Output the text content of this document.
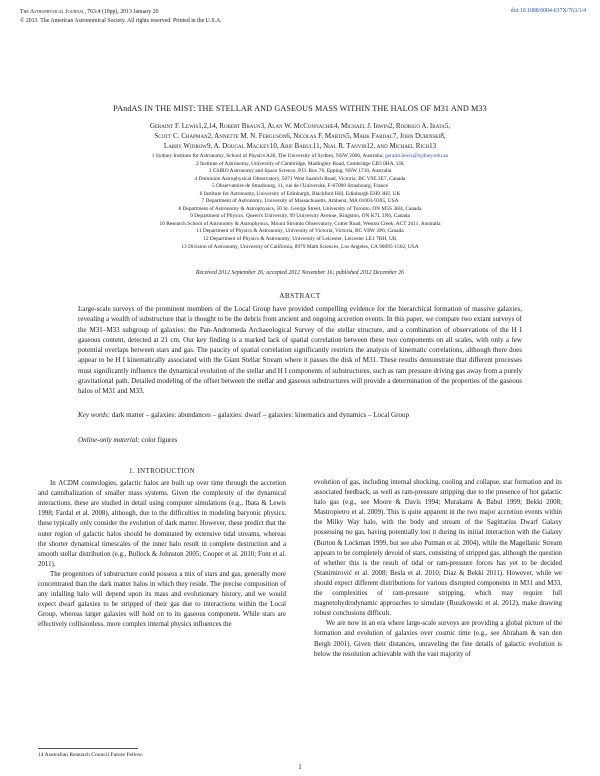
The Astrophysical Journal, 763:4 (10pp), 2013 January 20
© 2013. The American Astronomical Society. All rights reserved. Printed in the U.S.A.
doi:10.1088/0004-637X/763/1/4
PAndAS IN THE MIST: THE STELLAR AND GASEOUS MASS WITHIN THE HALOS OF M31 AND M33
Geraint F. Lewis1,2,14, Robert Braun3, Alan W. McConnachie4, Michael J. Irwin2, Rodrigo A. Ibata5,
Scott C. Chapman2, Annette M. N. Ferguson6, Nicolas F. Martin5, Mark Fardal7, John Dubinski8,
Larry Widrow9, A. Dougal Mackey10, Arif Babul11, Nial R. Tanvir12, and Michael Rich13
1 Sydney Institute for Astronomy, School of Physics A28, The University of Sydney, NSW 2006, Australia; geraint.lewis@sydney.edu.au
2 Institute of Astronomy, University of Cambridge, Madingley Road, Cambridge CB3 0HA, UK
3 CSIRO Astronomy and Space Science, P.O. Box 76, Epping, NSW 1710, Australia
4 Dominion Astrophysical Observatory, 5071 West Saanich Road, Victoria, BC V9E 2E7, Canada
5 Observatoire de Strasbourg, 11, rue de l'Universite, F-67000 Strasbourg, France
6 Institute for Astronomy, University of Edinburgh, Blackford Hill, Edinburgh EH9 3HJ, UK
7 Department of Astronomy, University of Massachusetts, Amherst, MA 01003-9305, USA
8 Department of Astronomy & Astrophysics, 50 St. George Street, University of Toronto, ON M5S 3H4, Canada
9 Department of Physics, Queen's University, 99 University Avenue, Kingston, ON K7L 3N6, Canada
10 Research School of Astronomy & Astrophysics, Mount Stromlo Observatory, Cotter Road, Weston Creek, ACT 2611, Australia
11 Department of Physics & Astronomy, University of Victoria, Victoria, BC V8W 3P6, Canada
12 Department of Physics & Astronomy, University of Leicester, Leicester LE1 7RH, UK
13 Division of Astronomy, University of California, 8979 Math Sciences, Los Angeles, CA 90095-1562, USA
Received 2012 September 26; accepted 2012 November 16; published 2012 December 26
ABSTRACT
Large-scale surveys of the prominent members of the Local Group have provided compelling evidence for the hierarchical formation of massive galaxies, revealing a wealth of substructure that is thought to be the debris from ancient and ongoing accretion events. In this paper, we compare two extant surveys of the M31–M33 subgroup of galaxies: the Pan-Andromeda Archaeological Survey of the stellar structure, and a combination of observations of the H I gaseous content, detected at 21 cm. Our key finding is a marked lack of spatial correlation between these two components on all scales, with only a few potential overlaps between stars and gas. The paucity of spatial correlation significantly restricts the analysis of kinematic correlations, although there does appear to be H I kinematically associated with the Giant Stellar Stream where it passes the disk of M31. These results demonstrate that different processes must significantly influence the dynamical evolution of the stellar and H I components of substructures, such as ram pressure driving gas away from a purely gravitational path. Detailed modeling of the offset between the stellar and gaseous substructures will provide a determination of the properties of the gaseous halos of M31 and M33.
Key words: dark matter – galaxies: abundances – galaxies: dwarf – galaxies: kinematics and dynamics – Local Group
Online-only material: color figures
1. INTRODUCTION

In ΛCDM cosmologies, galactic halos are built up over time through the accretion and cannibalization of smaller mass systems. Given the complexity of the dynamical interactions, these are studied in detail using computer simulations (e.g., Ibata & Lewis 1998; Fardal et al. 2008), although, due to the difficulties in modeling baryonic physics, these typically only consider the evolution of dark matter. However, these predict that the outer region of galactic halos should be dominated by extensive tidal streams, whereas the shorter dynamical timescales of the inner halo result in complete destruction and a smooth stellar distribution (e.g., Bullock & Johnston 2005; Cooper et al. 2010; Font et al. 2011).

The progenitors of substructure could possess a mix of stars and gas, generally more concentrated than the dark matter halos in which they reside. The precise composition of any infalling halo will depend upon its mass and evolutionary history, and we would expect dwarf galaxies to be stripped of their gas due to interactions within the Local Group, whereas larger galaxies will hold on to its gaseous component. While stars are effectively collisionless, more complex internal physics influences the

evolution of gas, including internal shocking, cooling and collapse, star formation and its associated feedback, as well as ram-pressure stripping due to the presence of hot galactic halo gas (e.g., see Moore & Davis 1994; Murakami & Babul 1999; Bekki 2008; Mastropietro et al. 2009). This is quite apparent in the two major accretion events within the Milky Way halo, with the body and stream of the Sagittarius Dwarf Galaxy possessing no gas, having potentially lost it during its initial interaction with the Galaxy (Burton & Lockman 1999, but see also Putman et al. 2004), while the Magellanic Stream appears to be completely devoid of stars, consisting of stripped gas, although the question of whether this is the result of tidal or ram-pressure forces has yet to be decided (Stanimirović et al. 2008; Besla et al. 2010; Diaz & Bekki 2011). However, while we should expect different distributions for various disrupted components in M31 and M33, the complexities of ram-pressure stripping, which may require full magnetohydrodynamic approaches to simulate (Ruszkowski et al. 2012), make drawing robust conclusions difficult.

We are now in an era where large-scale surveys are providing a global picture of the formation and evolution of galaxies over cosmic time (e.g., see Abraham & van den Bergh 2001). Given their distances, unraveling the fine details of galactic evolution is below the resolution achievable with the vast majority of

14 Australian Research Council Future Fellow.
1
